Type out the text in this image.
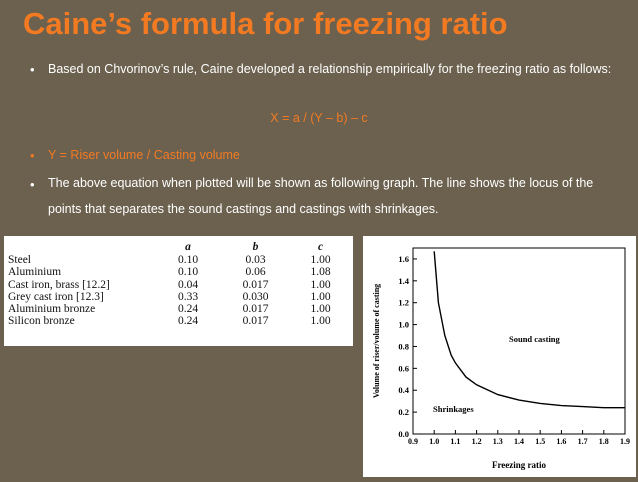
Caine’s formula for freezing ratio
• Based on Chvorinov’s rule, Caine developed a relationship empirically for the freezing ratio as follows:
X = a / (Y – b) – c
• Y = Riser volume / Casting volume
• The above equation when plotted will be shown as following graph. The line shows the locus of the points that separates the sound castings and castings with shrinkages.
	a	b	c
Steel	0.10	0.03	1.00
Aluminium	0.10	0.06	1.08
Cast iron, brass [12.2]	0.04	0.017	1.00
Grey cast iron [12.3]	0.33	0.030	1.00
Aluminium bronze	0.24	0.017	1.00
Silicon bronze	0.24	0.017	1.00
0.0
0.2
0.4
0.6
0.8
1.0
1.2
1.4
1.6
0.9 1.0 1.1 1.2 1.3 1.4 1.5 1.6 1.7 1.8 1.9
Freezing ratio
Volume of riser/volume of casting	Sound casting
Shrinkages
